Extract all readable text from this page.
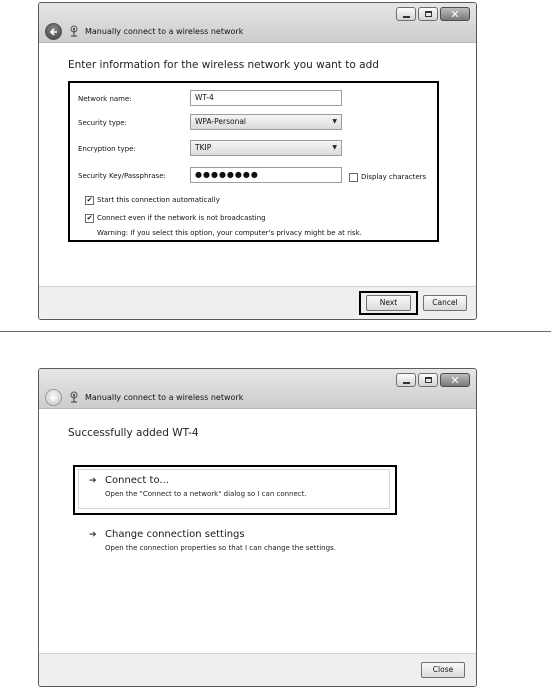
✕
Manually connect to a wireless network
Enter information for the wireless network you want to add
Network name:	WT-4
Security type:	WPA-Personal	▼
Encryption type:	TKIP	▼
Security Key/Passphrase:	●●●●●●●●	Display characters
✔ Start this connection automatically
✔ Connect even if the network is not broadcasting
Warning: If you select this option, your computer's privacy might be at risk.
Next	Cancel
✕
Manually connect to a wireless network
Successfully added WT-4
➔ Connect to...
Open the "Connect to a network" dialog so I can connect.
➔ Change connection settings
Open the connection properties so that I can change the settings.
Close
